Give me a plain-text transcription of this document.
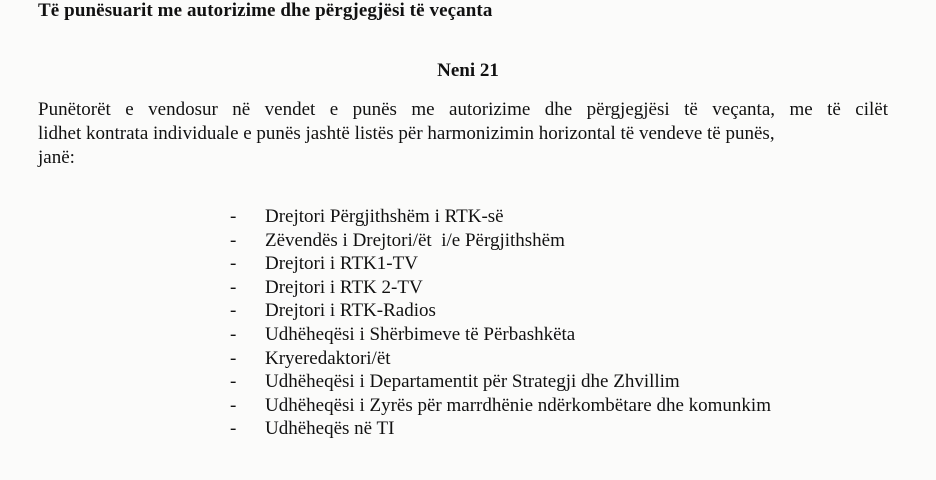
Të punësuarit me autorizime dhe përgjegjësi të veçanta
Neni 21
Punëtorët e vendosur në vendet e punës me autorizime dhe përgjegjësi të veçanta, me të cilët
lidhet kontrata individuale e punës jashtë listës për harmonizimin horizontal të vendeve të punës,
janë:
- Drejtori Përgjithshëm i RTK-së
- Zëvendës i Drejtori/ët  i/e Përgjithshëm
- Drejtori i RTK1-TV
- Drejtori i RTK 2-TV
- Drejtori i RTK-Radios
- Udhëheqësi i Shërbimeve të Përbashkëta
- Kryeredaktori/ët
- Udhëheqësi i Departamentit për Strategji dhe Zhvillim
- Udhëheqësi i Zyrës për marrdhënie ndërkombëtare dhe komunkim
- Udhëheqës në TI
